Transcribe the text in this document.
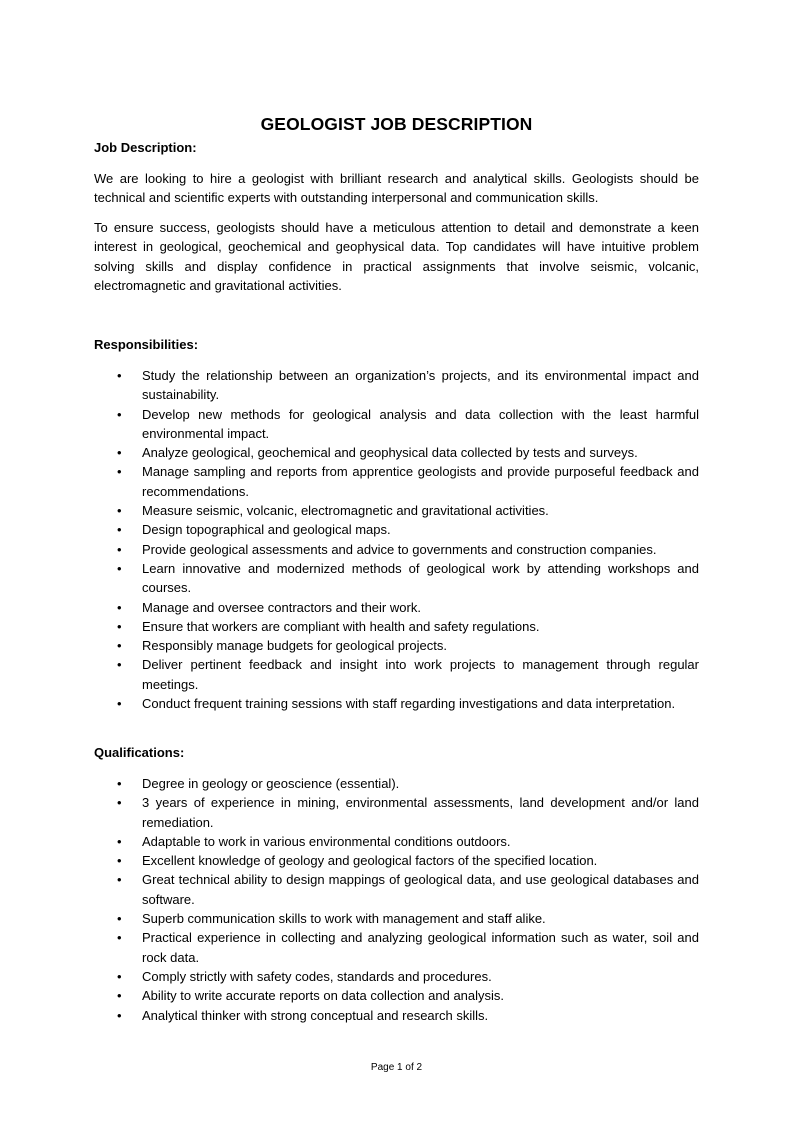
GEOLOGIST JOB DESCRIPTION
Job Description:

We are looking to hire a geologist with brilliant research and analytical skills. Geologists should be technical and scientific experts with outstanding interpersonal and communication skills.

To ensure success, geologists should have a meticulous attention to detail and demonstrate a keen interest in geological, geochemical and geophysical data. Top candidates will have intuitive problem solving skills and display confidence in practical assignments that involve seismic, volcanic, electromagnetic and gravitational activities.

Responsibilities:
• Study the relationship between an organization’s projects, and its environmental impact and sustainability.
• Develop new methods for geological analysis and data collection with the least harmful environmental impact.
• Analyze geological, geochemical and geophysical data collected by tests and surveys.
• Manage sampling and reports from apprentice geologists and provide purposeful feedback and recommendations.
• Measure seismic, volcanic, electromagnetic and gravitational activities.
• Design topographical and geological maps.
• Provide geological assessments and advice to governments and construction companies.
• Learn innovative and modernized methods of geological work by attending workshops and courses.
• Manage and oversee contractors and their work.
• Ensure that workers are compliant with health and safety regulations.
• Responsibly manage budgets for geological projects.
• Deliver pertinent feedback and insight into work projects to management through regular meetings.
• Conduct frequent training sessions with staff regarding investigations and data interpretation.
Qualifications:
• Degree in geology or geoscience (essential).
• 3 years of experience in mining, environmental assessments, land development and/or land remediation.
• Adaptable to work in various environmental conditions outdoors.
• Excellent knowledge of geology and geological factors of the specified location.
• Great technical ability to design mappings of geological data, and use geological databases and software.
• Superb communication skills to work with management and staff alike.
• Practical experience in collecting and analyzing geological information such as water, soil and rock data.
• Comply strictly with safety codes, standards and procedures.
• Ability to write accurate reports on data collection and analysis.
• Analytical thinker with strong conceptual and research skills.
Page 1 of 2
